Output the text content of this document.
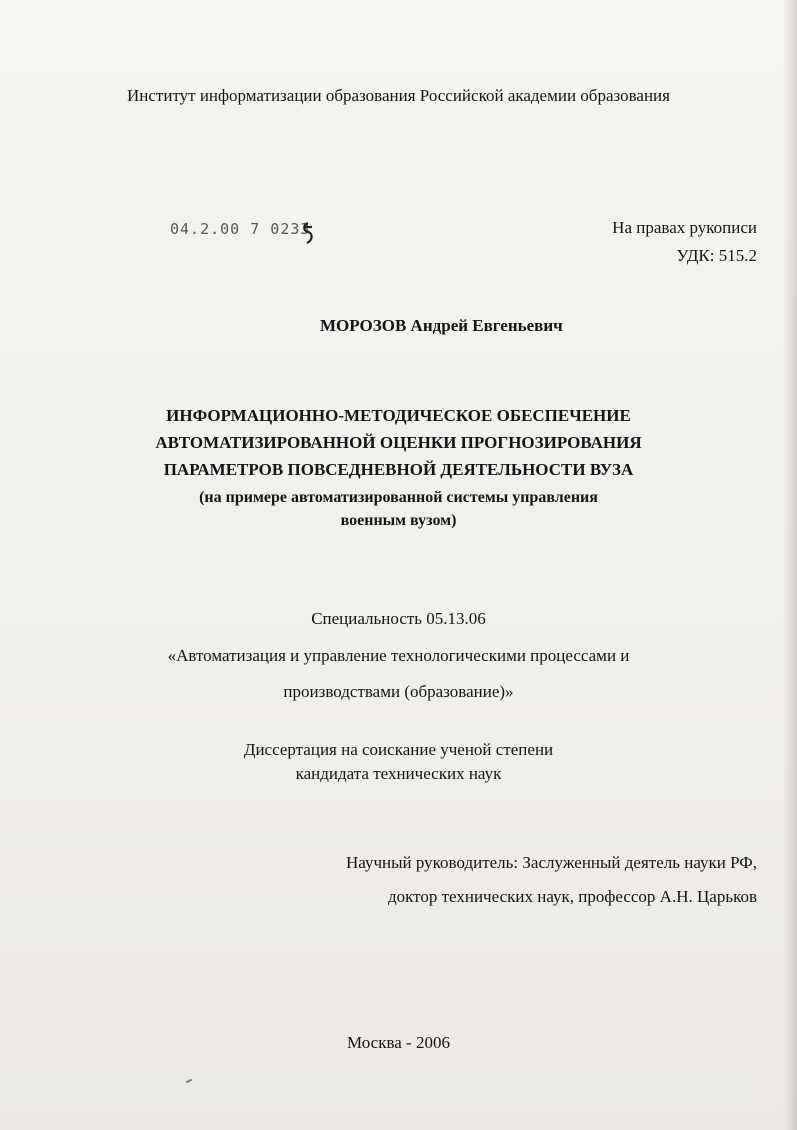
Институт информатизации образования Российской академии образования
04.2.00 7 0233	На правах рукописи
УДК: 515.2
МОРОЗОВ Андрей Евгеньевич
ИНФОРМАЦИОННО-МЕТОДИЧЕСКОЕ ОБЕСПЕЧЕНИЕ
АВТОМАТИЗИРОВАННОЙ ОЦЕНКИ ПРОГНОЗИРОВАНИЯ
ПАРАМЕТРОВ ПОВСЕДНЕВНОЙ ДЕЯТЕЛЬНОСТИ ВУЗА
(на примере автоматизированной системы управления
военным вузом)
Специальность 05.13.06
«Автоматизация и управление технологическими процессами и
производствами (образование)»
Диссертация на соискание ученой степени
кандидата технических наук
Научный руководитель: Заслуженный деятель науки РФ,
доктор технических наук, профессор А.Н. Царьков
Москва - 2006
